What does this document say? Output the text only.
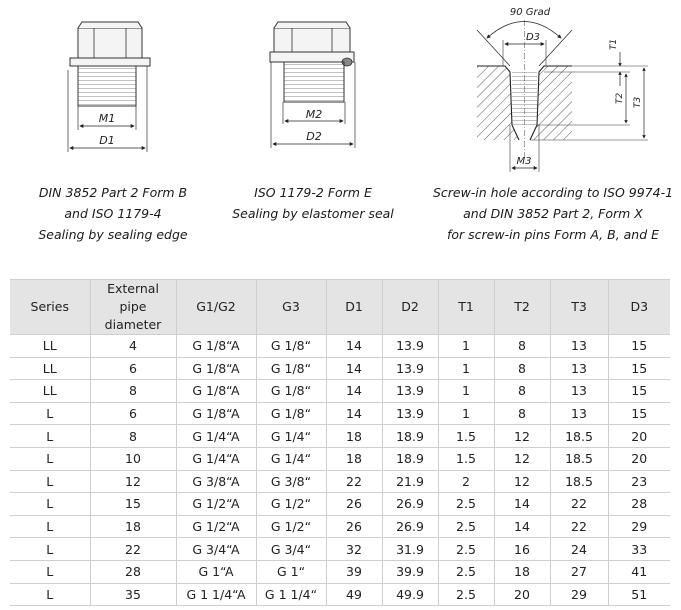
M1
D1
M2
D2
90 Grad
D3
T1
T2 T3
M3
DIN 3852 Part 2 Form B
and ISO 1179-4
Sealing by sealing edge
ISO 1179-2 Form E
Sealing by elastomer seal
Screw-in hole according to ISO 9974-1
and DIN 3852 Part 2, Form X
for screw-in pins Form A, B, and E
Series	External pipe diameter	G1/G2	G3	D1	D2	T1	T2	T3	D3
LL	4	G 1/8“A	G 1/8“	14	13.9	1	8	13	15
LL	6	G 1/8“A	G 1/8“	14	13.9	1	8	13	15
LL	8	G 1/8“A	G 1/8“	14	13.9	1	8	13	15
L	6	G 1/8“A	G 1/8“	14	13.9	1	8	13	15
L	8	G 1/4“A	G 1/4“	18	18.9	1.5	12	18.5	20
L	10	G 1/4“A	G 1/4“	18	18.9	1.5	12	18.5	20
L	12	G 3/8“A	G 3/8“	22	21.9	2	12	18.5	23
L	15	G 1/2“A	G 1/2“	26	26.9	2.5	14	22	28
L	18	G 1/2“A	G 1/2“	26	26.9	2.5	14	22	29
L	22	G 3/4“A	G 3/4“	32	31.9	2.5	16	24	33
L	28	G 1“A	G 1“	39	39.9	2.5	18	27	41
L	35	G 1 1/4“A	G 1 1/4“	49	49.9	2.5	20	29	51
